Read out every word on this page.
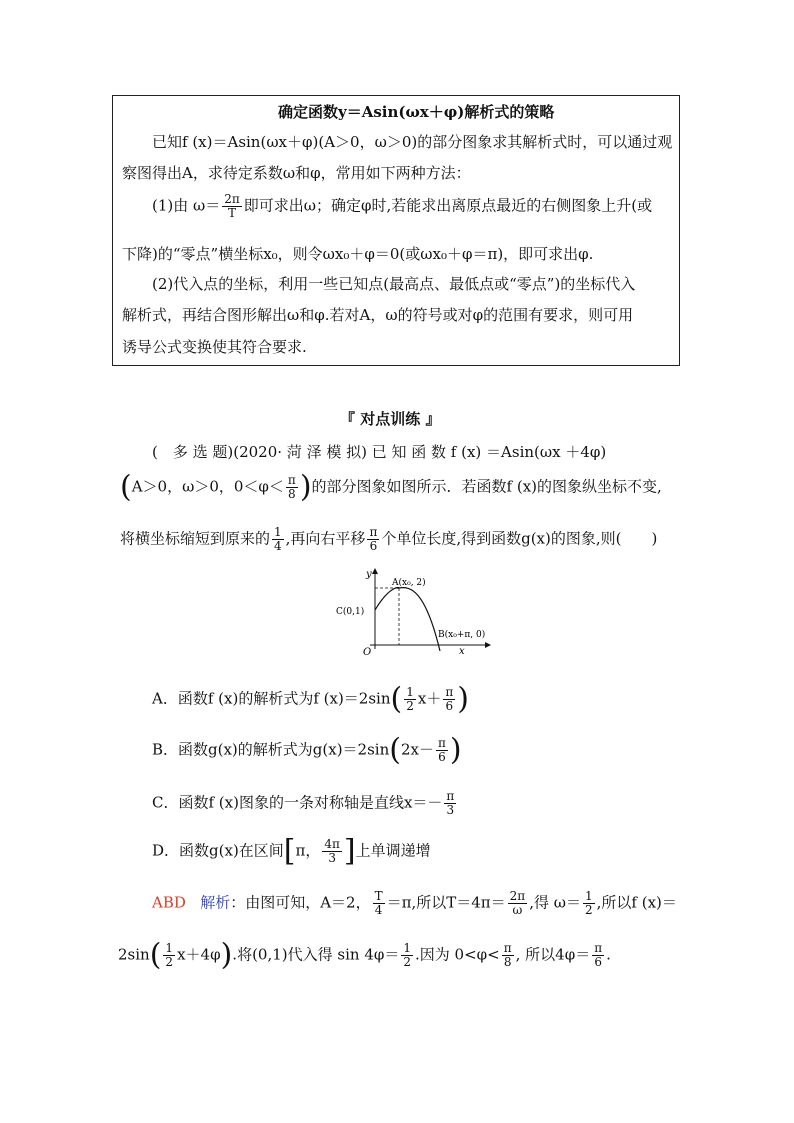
确定函数y＝Asin(ωx＋φ)解析式的策略
已知f (x)＝Asin(ωx＋φ)(A＞0，ω＞0)的部分图象求其解析式时，可以通过观
察图得出A，求待定系数ω和φ，常用如下两种方法：
(1)由 $\omega= \frac{2\pi}{T}$ 即可求出ω；确定φ时,若能求出离原点最近的右侧图象上升(或
下降)的“零点”横坐标x₀，则令ωx₀＋φ＝0(或ωx₀＋φ＝π)，即可求出φ.
(2)代入点的坐标，利用一些已知点(最高点、最低点或“零点”)的坐标代入
解析式，再结合图形解出ω和φ.若对A，ω的符号或对φ的范围有要求，则可用
诱导公式变换使其符合要求.
『 对点训练 』
(　多 选 题)(2020· 菏 泽 模 拟) 已 知 函 数 f (x) ＝Asin(ωx ＋4φ)
(A＞0，ω＞0，$0<\varphi< \frac{\pi}{8}$ )的部分图象如图所示．若函数f (x)的图象纵坐标不变,
将横坐标缩短到原来的 $\frac{1}{4}$ ,再向右平移 $\frac{\pi}{6}$ 个单位长度,得到函数g(x)的图象,则(　　)
y
x
O
A(x₀, 2)
B(x₀+π, 0)
C(0,1)
A．函数f (x)的解析式为f $(x)=2\sin( \frac{1}{2} x+ \frac{\pi}{6}$ )
B．函数g(x)的解析式为$g(x)=2\sin(2x- \frac{\pi}{6}$ )
C．函数f (x)图象的一条对称轴是直线$x=- \frac{\pi}{3}$
D．函数g(x)在区间[π， $\frac{4\pi}{3}$ ]上单调递增
ABD 解析：由图可知，A＝2， $\frac{T}{4} =\pi$,所以$T=4\pi= \frac{2\pi}{\omega}$ ,得 $\omega= \frac{1}{2}$ ,所以f (x)＝
$2\sin( \frac{1}{2} x+4\varphi)$.将(0,1)代入得 $\sin 4\varphi= \frac{1}{2}$ .因为 $0<\varphi< \frac{\pi}{8}$ , 所以$4\varphi= \frac{\pi}{6}$ .
